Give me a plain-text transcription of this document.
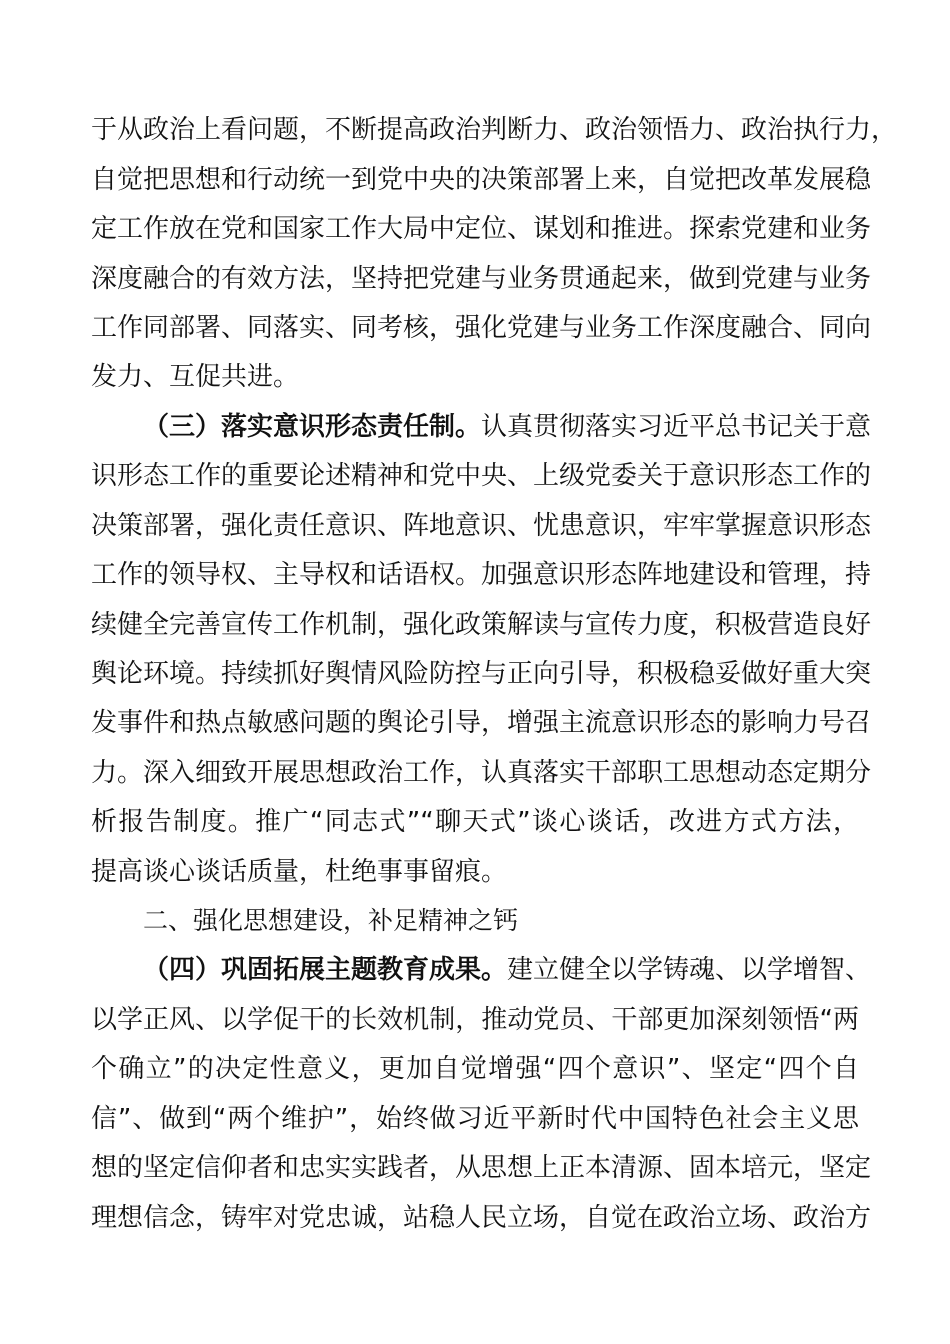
于从政治上看问题，不断提高政治判断力、政治领悟力、政治执行力，
自觉把思想和行动统一到党中央的决策部署上来，自觉把改革发展稳
定工作放在党和国家工作大局中定位、谋划和推进。探索党建和业务
深度融合的有效方法，坚持把党建与业务贯通起来，做到党建与业务
工作同部署、同落实、同考核，强化党建与业务工作深度融合、同向
发力、互促共进。
（三）落实意识形态责任制。认真贯彻落实习近平总书记关于意
识形态工作的重要论述精神和党中央、上级党委关于意识形态工作的
决策部署，强化责任意识、阵地意识、忧患意识，牢牢掌握意识形态
工作的领导权、主导权和话语权。加强意识形态阵地建设和管理，持
续健全完善宣传工作机制，强化政策解读与宣传力度，积极营造良好
舆论环境。持续抓好舆情风险防控与正向引导，积极稳妥做好重大突
发事件和热点敏感问题的舆论引导，增强主流意识形态的影响力号召
力。深入细致开展思想政治工作，认真落实干部职工思想动态定期分
析报告制度。推广“同志式”“聊天式”谈心谈话，改进方式方法，
提高谈心谈话质量，杜绝事事留痕。
二、强化思想建设，补足精神之钙
（四）巩固拓展主题教育成果。建立健全以学铸魂、以学增智、
以学正风、以学促干的长效机制，推动党员、干部更加深刻领悟“两
个确立”的决定性意义，更加自觉增强“四个意识”、坚定“四个自
信”、做到“两个维护”，始终做习近平新时代中国特色社会主义思
想的坚定信仰者和忠实实践者，从思想上正本清源、固本培元，坚定
理想信念，铸牢对党忠诚，站稳人民立场，自觉在政治立场、政治方
